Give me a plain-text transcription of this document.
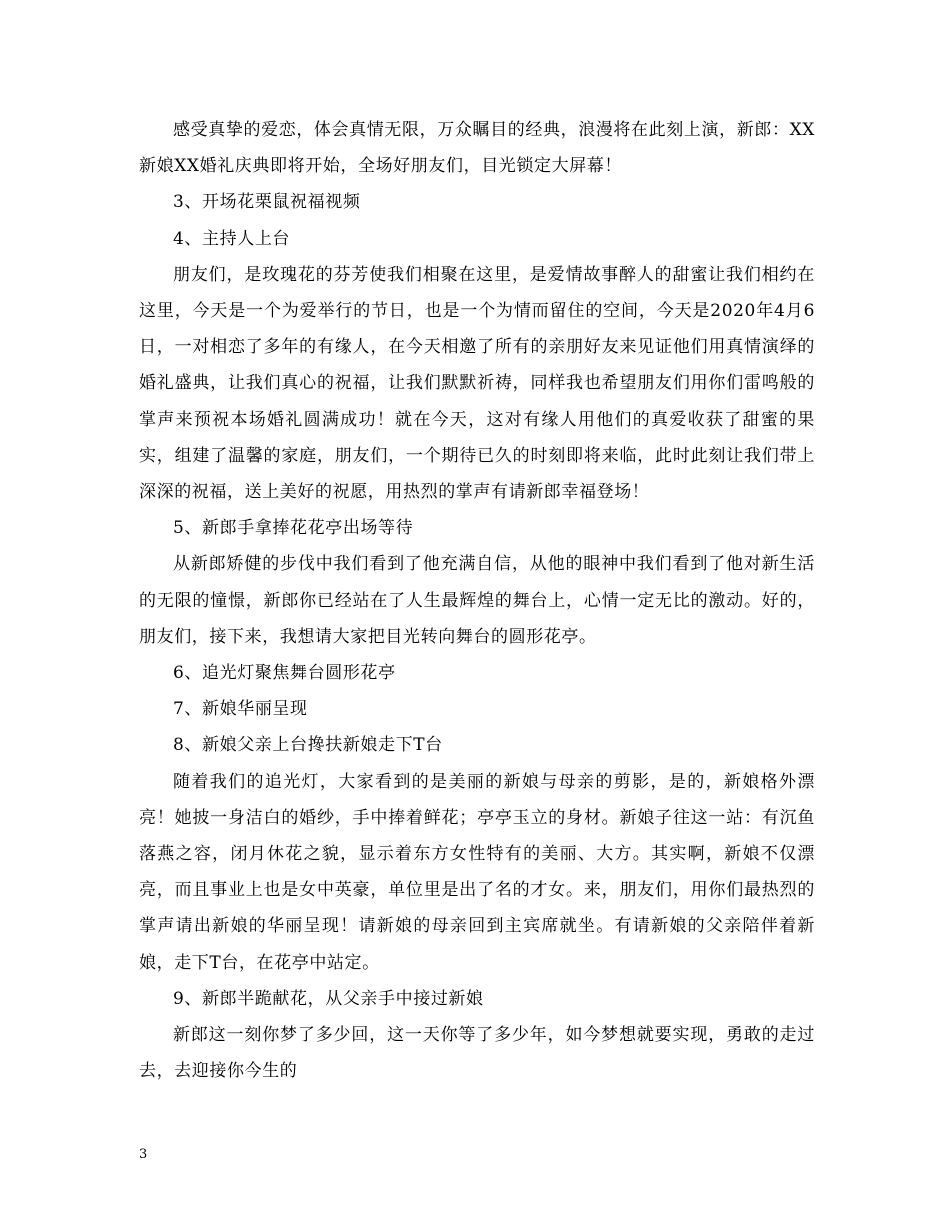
感受真挚的爱恋，体会真情无限，万众瞩目的经典，浪漫将在此刻上演，新郎：XX新娘XX婚礼庆典即将开始，全场好朋友们，目光锁定大屏幕！

3、开场花栗鼠祝福视频

4、主持人上台

朋友们，是玫瑰花的芬芳使我们相聚在这里，是爱情故事醉人的甜蜜让我们相约在这里，今天是一个为爱举行的节日，也是一个为情而留住的空间，今天是2020年4月6日，一对相恋了多年的有缘人，在今天相邀了所有的亲朋好友来见证他们用真情演绎的婚礼盛典，让我们真心的祝福，让我们默默祈祷，同样我也希望朋友们用你们雷鸣般的掌声来预祝本场婚礼圆满成功！就在今天，这对有缘人用他们的真爱收获了甜蜜的果实，组建了温馨的家庭，朋友们，一个期待已久的时刻即将来临，此时此刻让我们带上深深的祝福，送上美好的祝愿，用热烈的掌声有请新郎幸福登场！

5、新郎手拿捧花花亭出场等待

从新郎矫健的步伐中我们看到了他充满自信，从他的眼神中我们看到了他对新生活的无限的憧憬，新郎你已经站在了人生最辉煌的舞台上，心情一定无比的激动。好的，朋友们，接下来，我想请大家把目光转向舞台的圆形花亭。

6、追光灯聚焦舞台圆形花亭

7、新娘华丽呈现

8、新娘父亲上台搀扶新娘走下T台

随着我们的追光灯，大家看到的是美丽的新娘与母亲的剪影，是的，新娘格外漂亮！她披一身洁白的婚纱，手中捧着鲜花；亭亭玉立的身材。新娘子往这一站：有沉鱼落燕之容，闭月休花之貌，显示着东方女性特有的美丽、大方。其实啊，新娘不仅漂亮，而且事业上也是女中英豪，单位里是出了名的才女。来，朋友们，用你们最热烈的掌声请出新娘的华丽呈现！请新娘的母亲回到主宾席就坐。有请新娘的父亲陪伴着新娘，走下T台，在花亭中站定。

9、新郎半跪献花，从父亲手中接过新娘

新郎这一刻你梦了多少回，这一天你等了多少年，如今梦想就要实现，勇敢的走过去，去迎接你今生的

3
